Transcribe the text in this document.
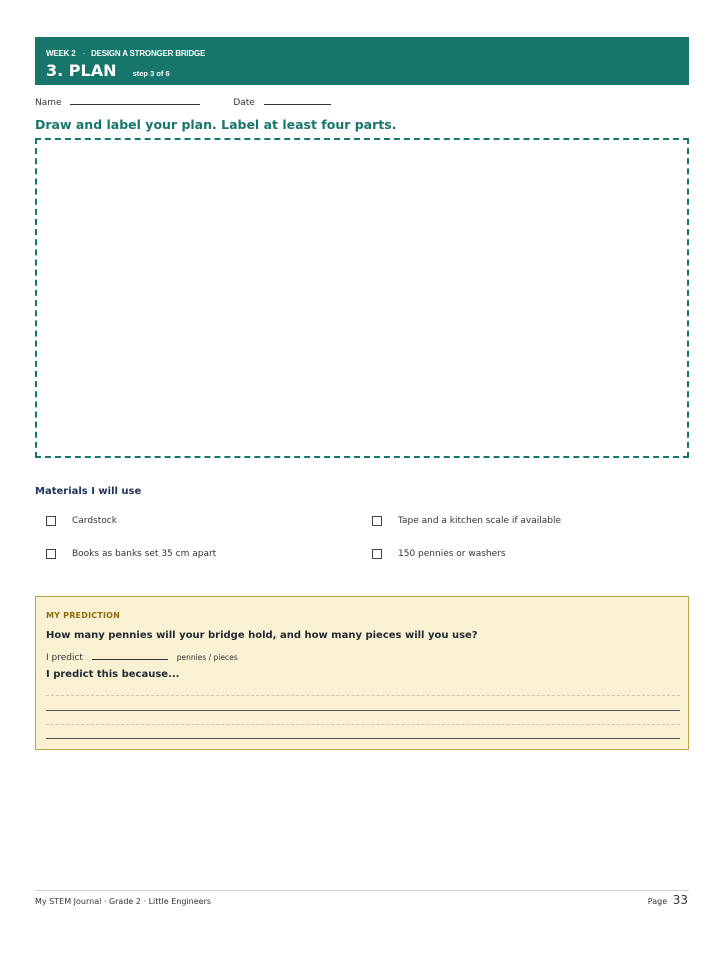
WEEK 2 · DESIGN A STRONGER BRIDGE
3. PLAN step 3 of 6
Name	Date
Draw and label your plan. Label at least four parts.
Materials I will use
Cardstock	Tape and a kitchen scale if available
Books as banks set 35 cm apart	150 pennies or washers
MY PREDICTION
How many pennies will your bridge hold, and how many pieces will you use?
I predict	pennies / pieces
I predict this because...
My STEM Journal · Grade 2 · Little Engineers	Page 33
